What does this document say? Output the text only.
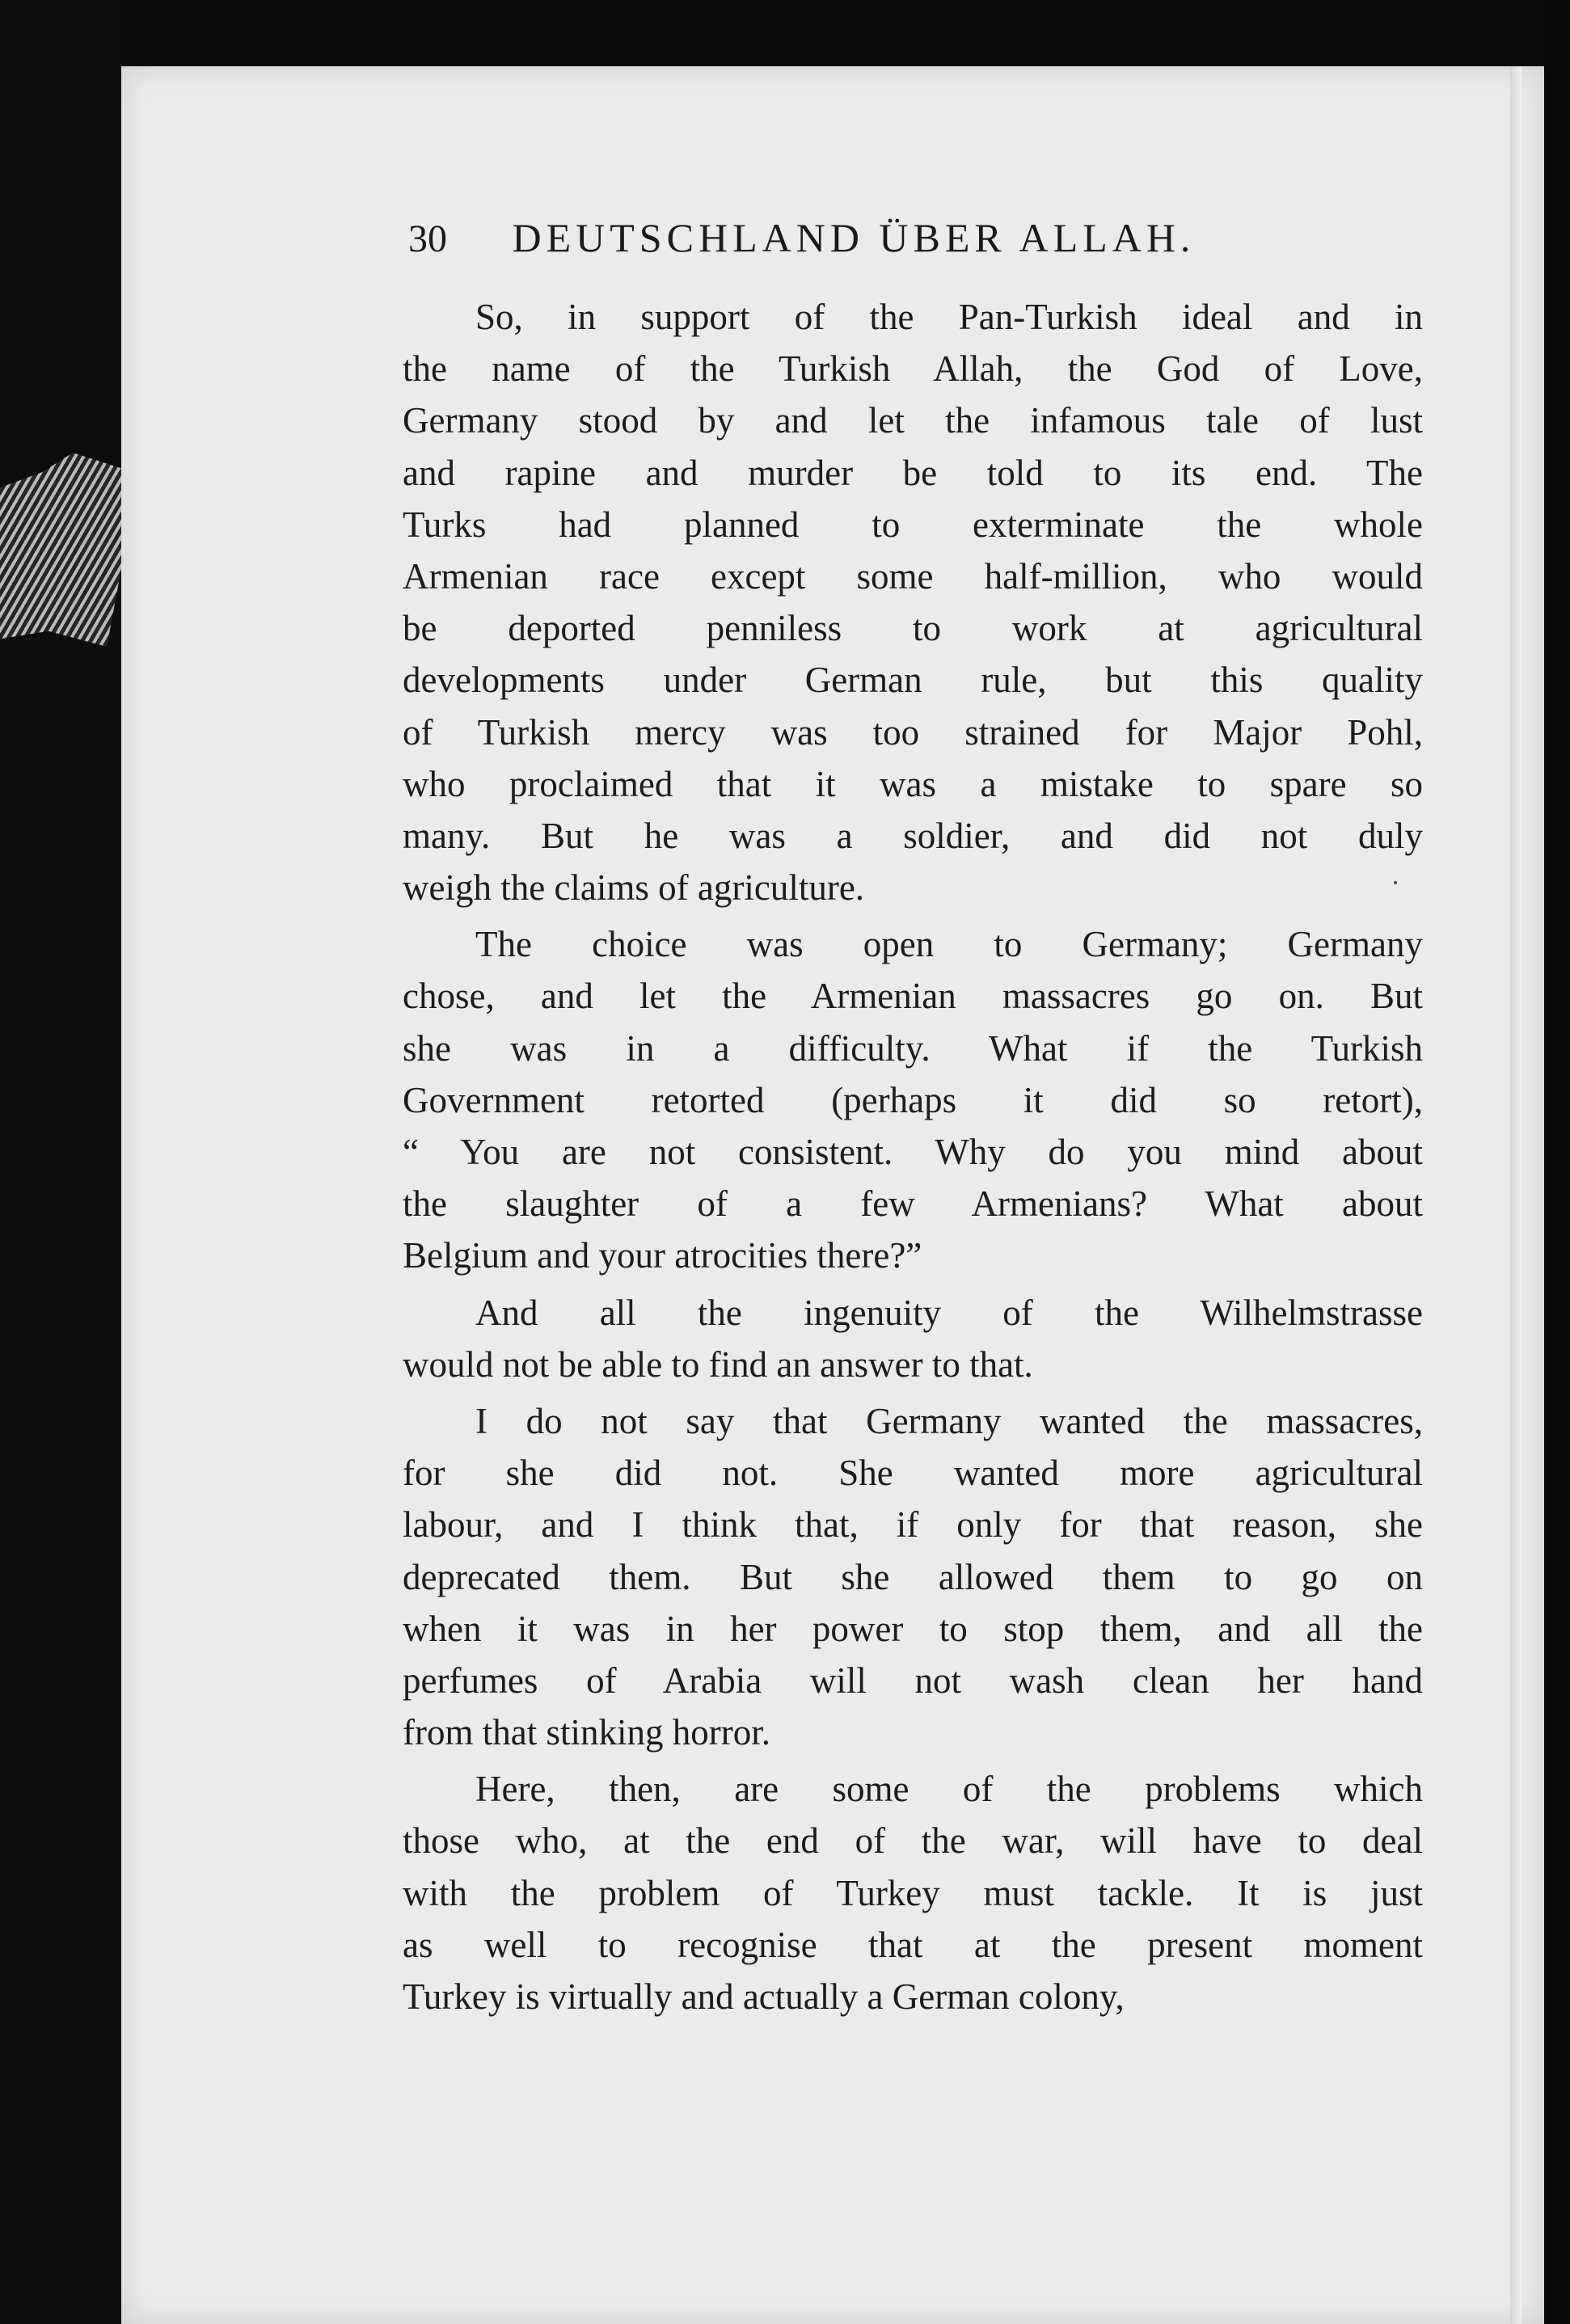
30 DEUTSCHLAND ÜBER ALLAH.
So, in support of the Pan-Turkish ideal and in
the name of the Turkish Allah, the God of Love,
Germany stood by and let the infamous tale of lust
and rapine and murder be told to its end. The
Turks had planned to exterminate the whole
Armenian race except some half-million, who would
be deported penniless to work at agricultural
developments under German rule, but this quality
of Turkish mercy was too strained for Major Pohl,
who proclaimed that it was a mistake to spare so
many. But he was a soldier, and did not duly
weigh the claims of agriculture.
The choice was open to Germany; Germany
chose, and let the Armenian massacres go on. But
she was in a difficulty. What if the Turkish
Government retorted (perhaps it did so retort),
“ You are not consistent. Why do you mind about
the slaughter of a few Armenians? What about
Belgium and your atrocities there?”
And all the ingenuity of the Wilhelmstrasse
would not be able to find an answer to that.
I do not say that Germany wanted the massacres,
for she did not. She wanted more agricultural
labour, and I think that, if only for that reason, she
deprecated them. But she allowed them to go on
when it was in her power to stop them, and all the
perfumes of Arabia will not wash clean her hand
from that stinking horror.
Here, then, are some of the problems which
those who, at the end of the war, will have to deal
with the problem of Turkey must tackle. It is just
as well to recognise that at the present moment
Turkey is virtually and actually a German colony,
